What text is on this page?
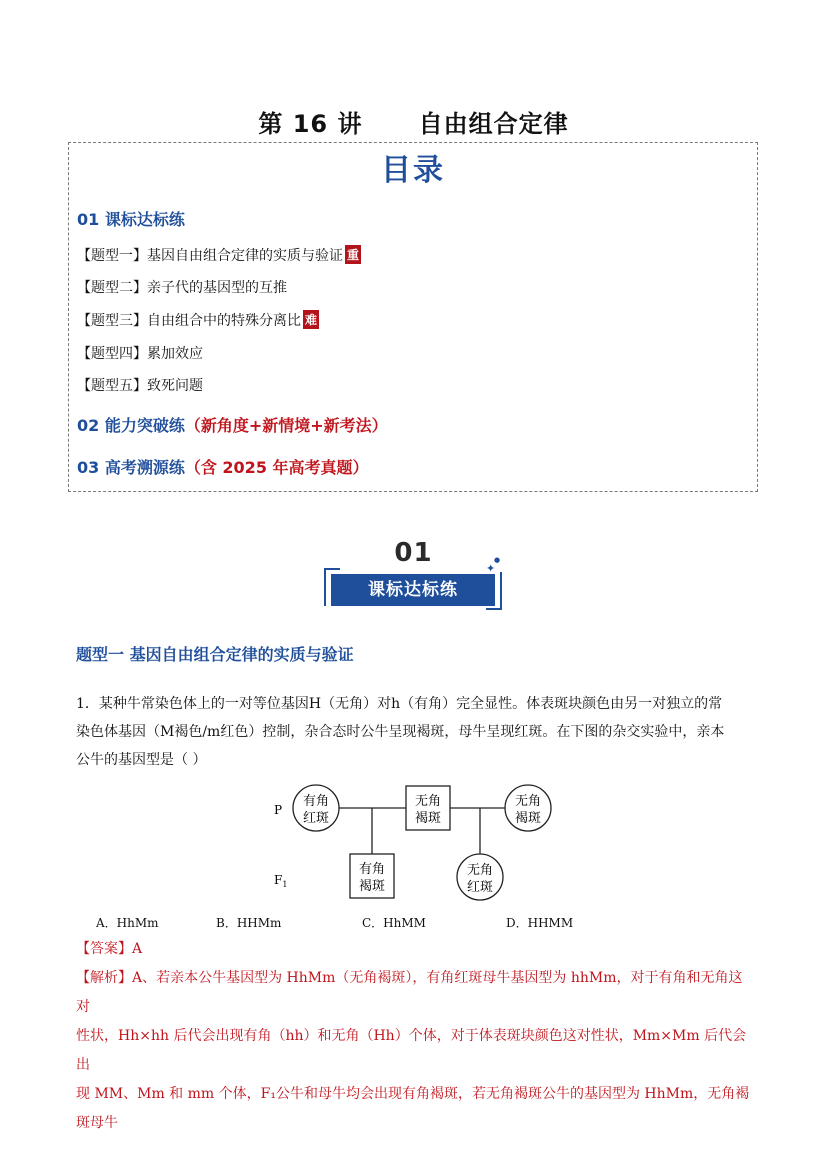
第 16 讲      自由组合定律
目录
01 课标达标练
【题型一】基因自由组合定律的实质与验证 重
【题型二】亲子代的基因型的互推
【题型三】自由组合中的特殊分离比 难
【题型四】累加效应
【题型五】致死问题
02 能力突破练（新角度+新情境+新考法）
03 高考溯源练（含 2025 年高考真题）
01
课标达标练
✦
●
题型一 基因自由组合定律的实质与验证
1．某种牛常染色体上的一对等位基因H（无角）对h（有角）完全显性。体表斑块颜色由另一对独立的常
染色体基因（M褐色/m红色）控制，杂合态时公牛呈现褐斑，母牛呈现红斑。在下图的杂交实验中，亲本
公牛的基因型是（ ）
P
$F_1$
有角
红斑
无角
褐斑
无角
褐斑
有角
褐斑
无角
红斑
A．HhMm	B．HHMm	C．HhMM	D．HHMM
【答案】A
【解析】A、若亲本公牛基因型为 HhMm（无角褐斑），有角红斑母牛基因型为 hhMm，对于有角和无角这对
性状，Hh×hh 后代会出现有角（hh）和无角（Hh）个体，对于体表斑块颜色这对性状，Mm×Mm 后代会出
现 MM、Mm 和 mm 个体，F₁公牛和母牛均会出现有角褐斑，若无角褐斑公牛的基因型为 HhMm，无角褐斑母牛
